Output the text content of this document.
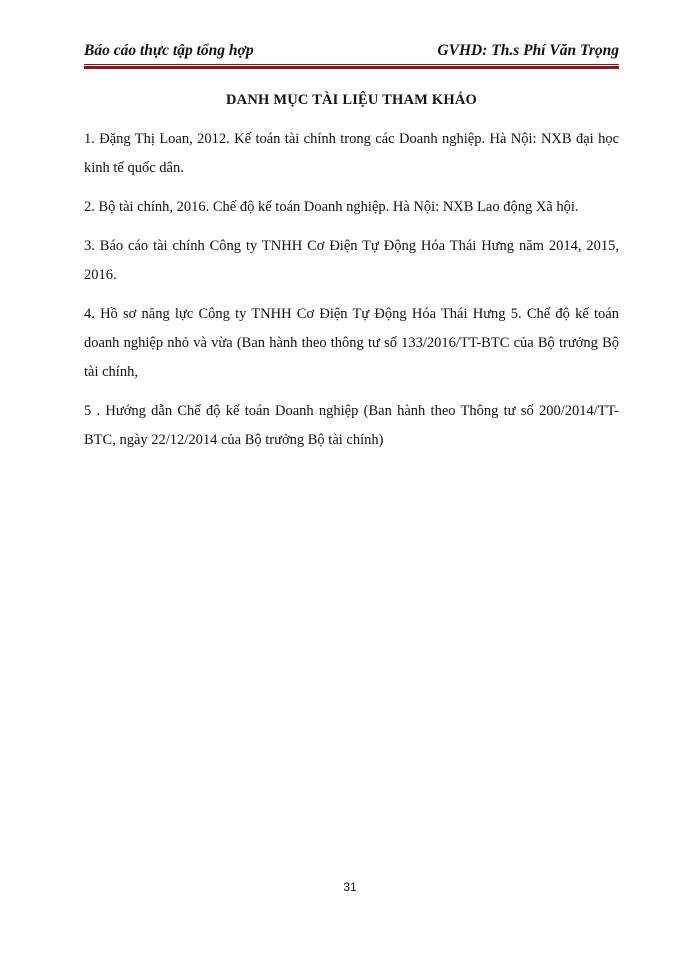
Báo cáo thực tập tổng hợp	GVHD: Th.s Phí Văn Trọng
DANH MỤC TÀI LIỆU THAM KHẢO
1. Đặng Thị Loan, 2012. Kế toán tài chính trong các Doanh nghiệp. Hà Nội: NXB đại học kinh tế quốc dân.
2. Bộ tài chính, 2016. Chế độ kế toán Doanh nghiệp. Hà Nội: NXB Lao động Xã hội.
3. Báo cáo tài chính Công ty TNHH Cơ Điện Tự Động Hóa Thái Hưng năm 2014, 2015, 2016.
4. Hồ sơ năng lực Công ty TNHH Cơ Điện Tự Động Hóa Thái Hưng 5. Chế độ kế toán doanh nghiệp nhỏ và vừa (Ban hành theo thông tư số 133/2016/TT-BTC của Bộ trưởng Bộ tài chính,
5 . Hướng dẫn Chế độ kế toán Doanh nghiệp (Ban hành theo Thông tư số 200/2014/TT-BTC, ngày 22/12/2014 của Bộ trưởng Bộ tài chính)
31
